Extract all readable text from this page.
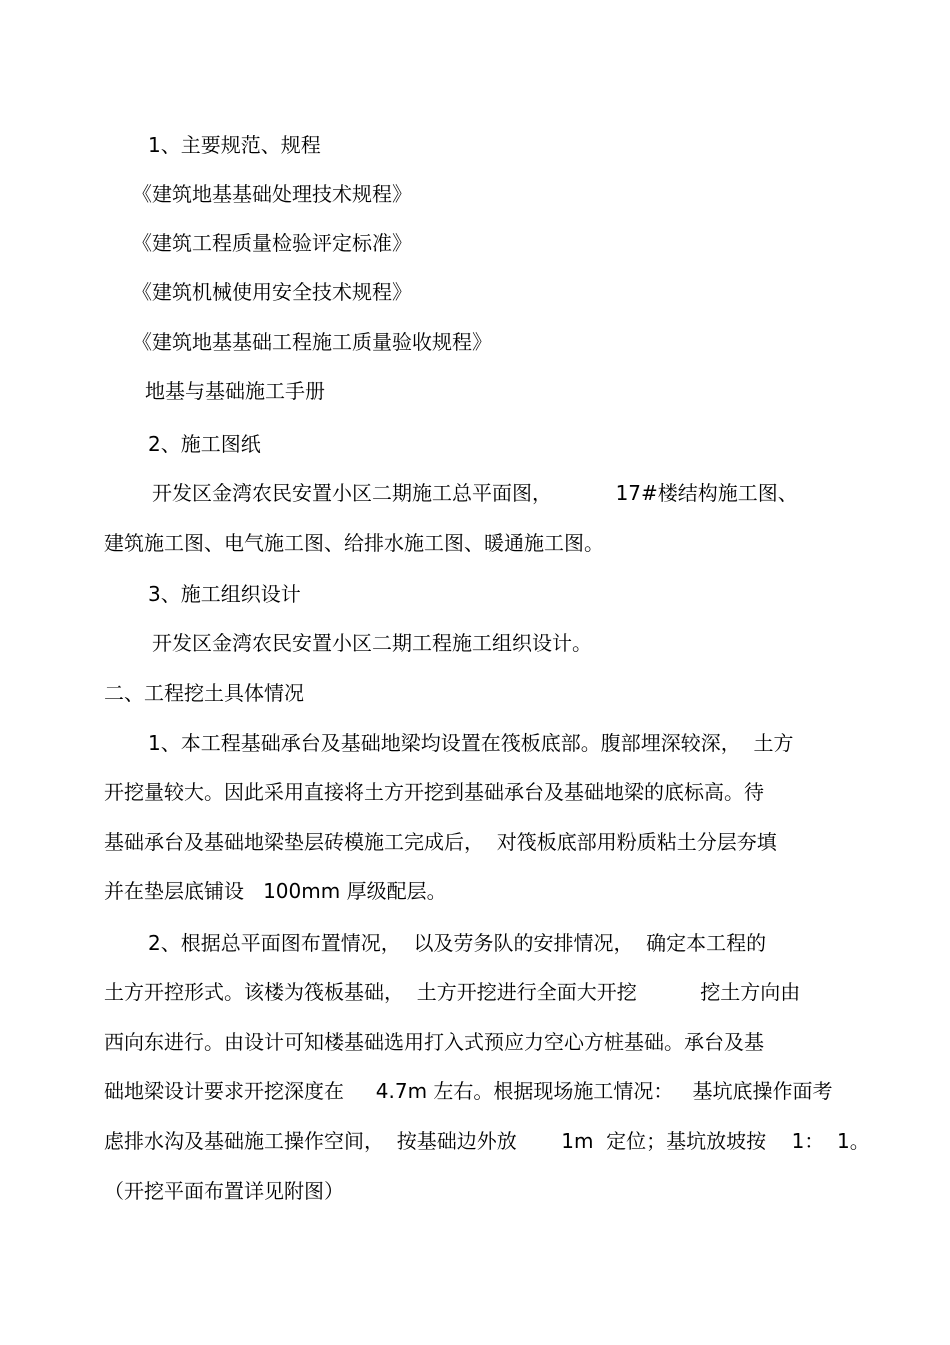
1、主要规范、规程
《建筑地基基础处理技术规程》
《建筑工程质量检验评定标准》
《建筑机械使用安全技术规程》
《建筑地基基础工程施工质量验收规程》
地基与基础施工手册
2、施工图纸
开发区金湾农民安置小区二期施工总平面图，          17#楼结构施工图、
建筑施工图、电气施工图、给排水施工图、暖通施工图。
3、施工组织设计
开发区金湾农民安置小区二期工程施工组织设计。
二、工程挖土具体情况
1、本工程基础承台及基础地梁均设置在筏板底部。腹部埋深较深，  土方
开挖量较大。因此采用直接将土方开挖到基础承台及基础地梁的底标高。待
基础承台及基础地梁垫层砖模施工完成后，  对筏板底部用粉质粘土分层夯填
并在垫层底铺设   100mm 厚级配层。
2、根据总平面图布置情况，  以及劳务队的安排情况，  确定本工程的
土方开控形式。该楼为筏板基础，  土方开挖进行全面大开挖          挖土方向由
西向东进行。由设计可知楼基础选用打入式预应力空心方桩基础。承台及基
础地梁设计要求开挖深度在     4.7m 左右。根据现场施工情况：   基坑底操作面考
虑排水沟及基础施工操作空间，  按基础边外放       1m  定位；基坑放坡按    1：  1。
（开挖平面布置详见附图）
